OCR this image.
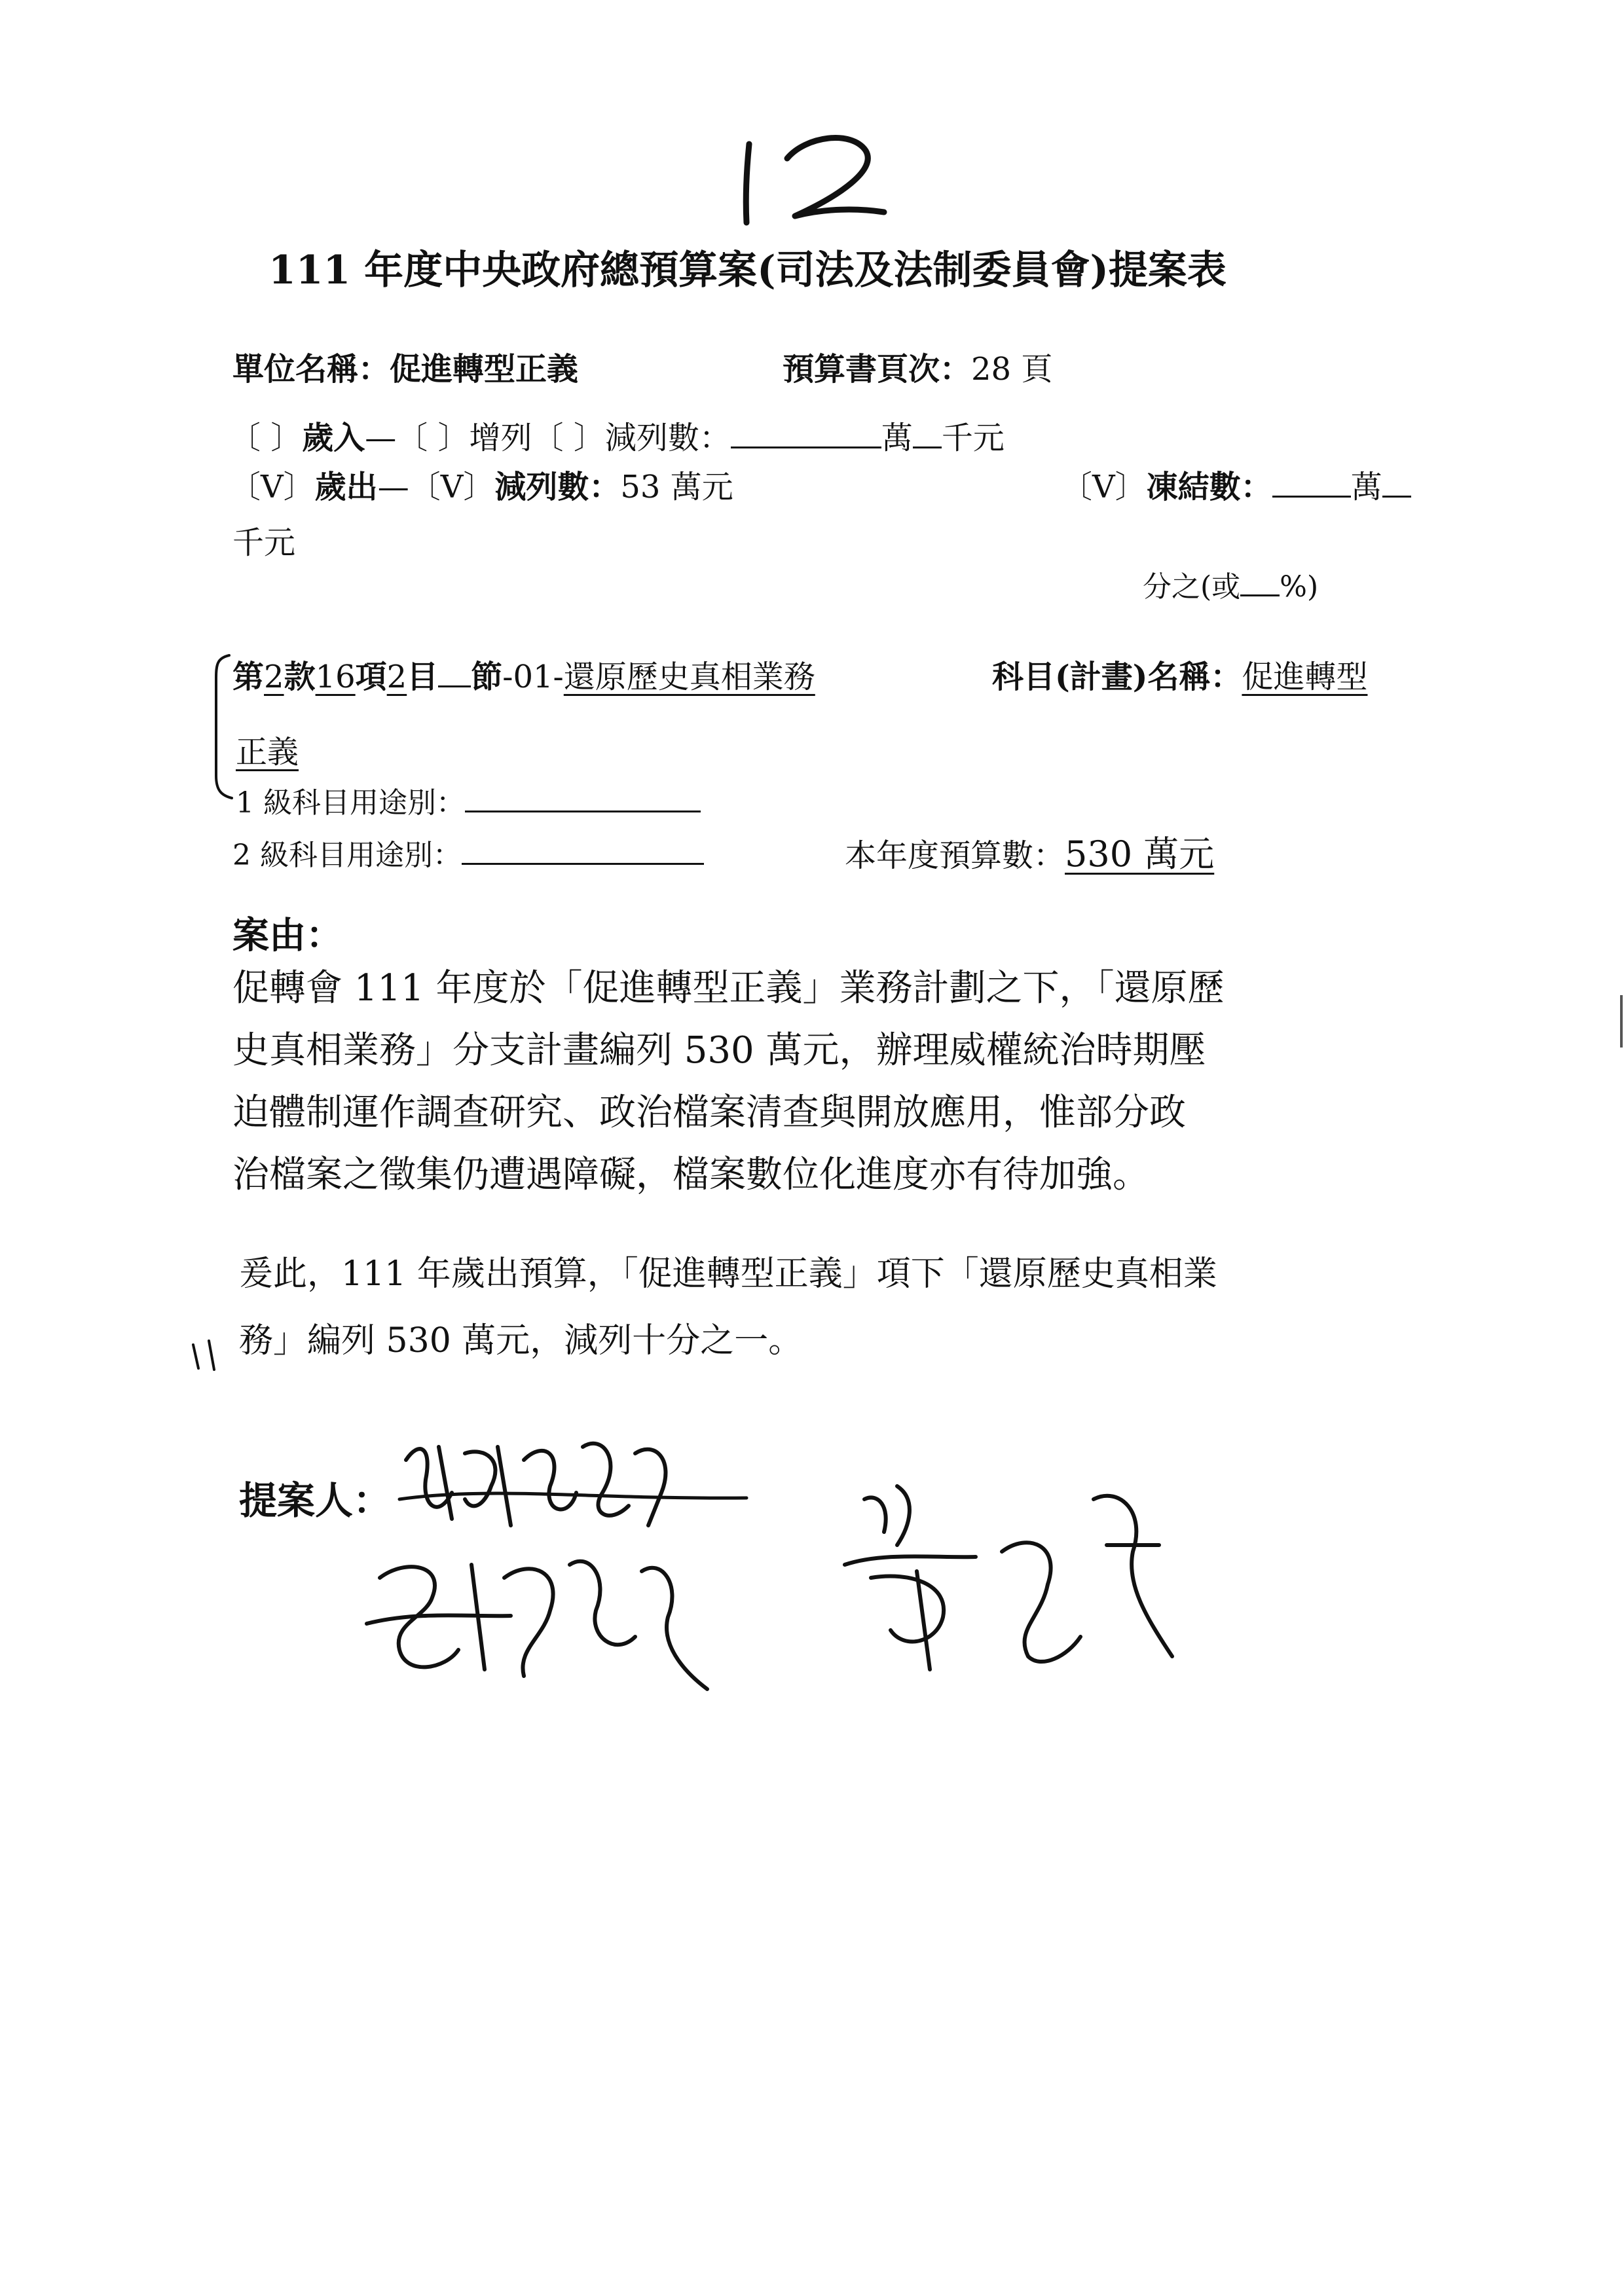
111 年度中央政府總預算案(司法及法制委員會)提案表
單位名稱：促進轉型正義	預算書頁次：28 頁
〔 〕歲入—〔 〕增列〔 〕減列數：	萬 千元
〔V〕歲出—〔V〕減列數：53 萬元	〔V〕凍結數：	萬
千元
分之(或 %)
第2款16項2目 節-01-還原歷史真相業務	科目(計畫)名稱：促進轉型
正義
1 級科目用途別：
2 級科目用途別：	本年度預算數：530 萬元
案由：
促轉會 111 年度於「促進轉型正義」業務計劃之下，「還原歷
史真相業務」分支計畫編列 530 萬元，辦理威權統治時期壓
迫體制運作調查研究、政治檔案清查與開放應用，惟部分政
治檔案之徵集仍遭遇障礙，檔案數位化進度亦有待加強。
爰此，111 年歲出預算，「促進轉型正義」項下「還原歷史真相業
務」編列 530 萬元，減列十分之一。
提案人：
